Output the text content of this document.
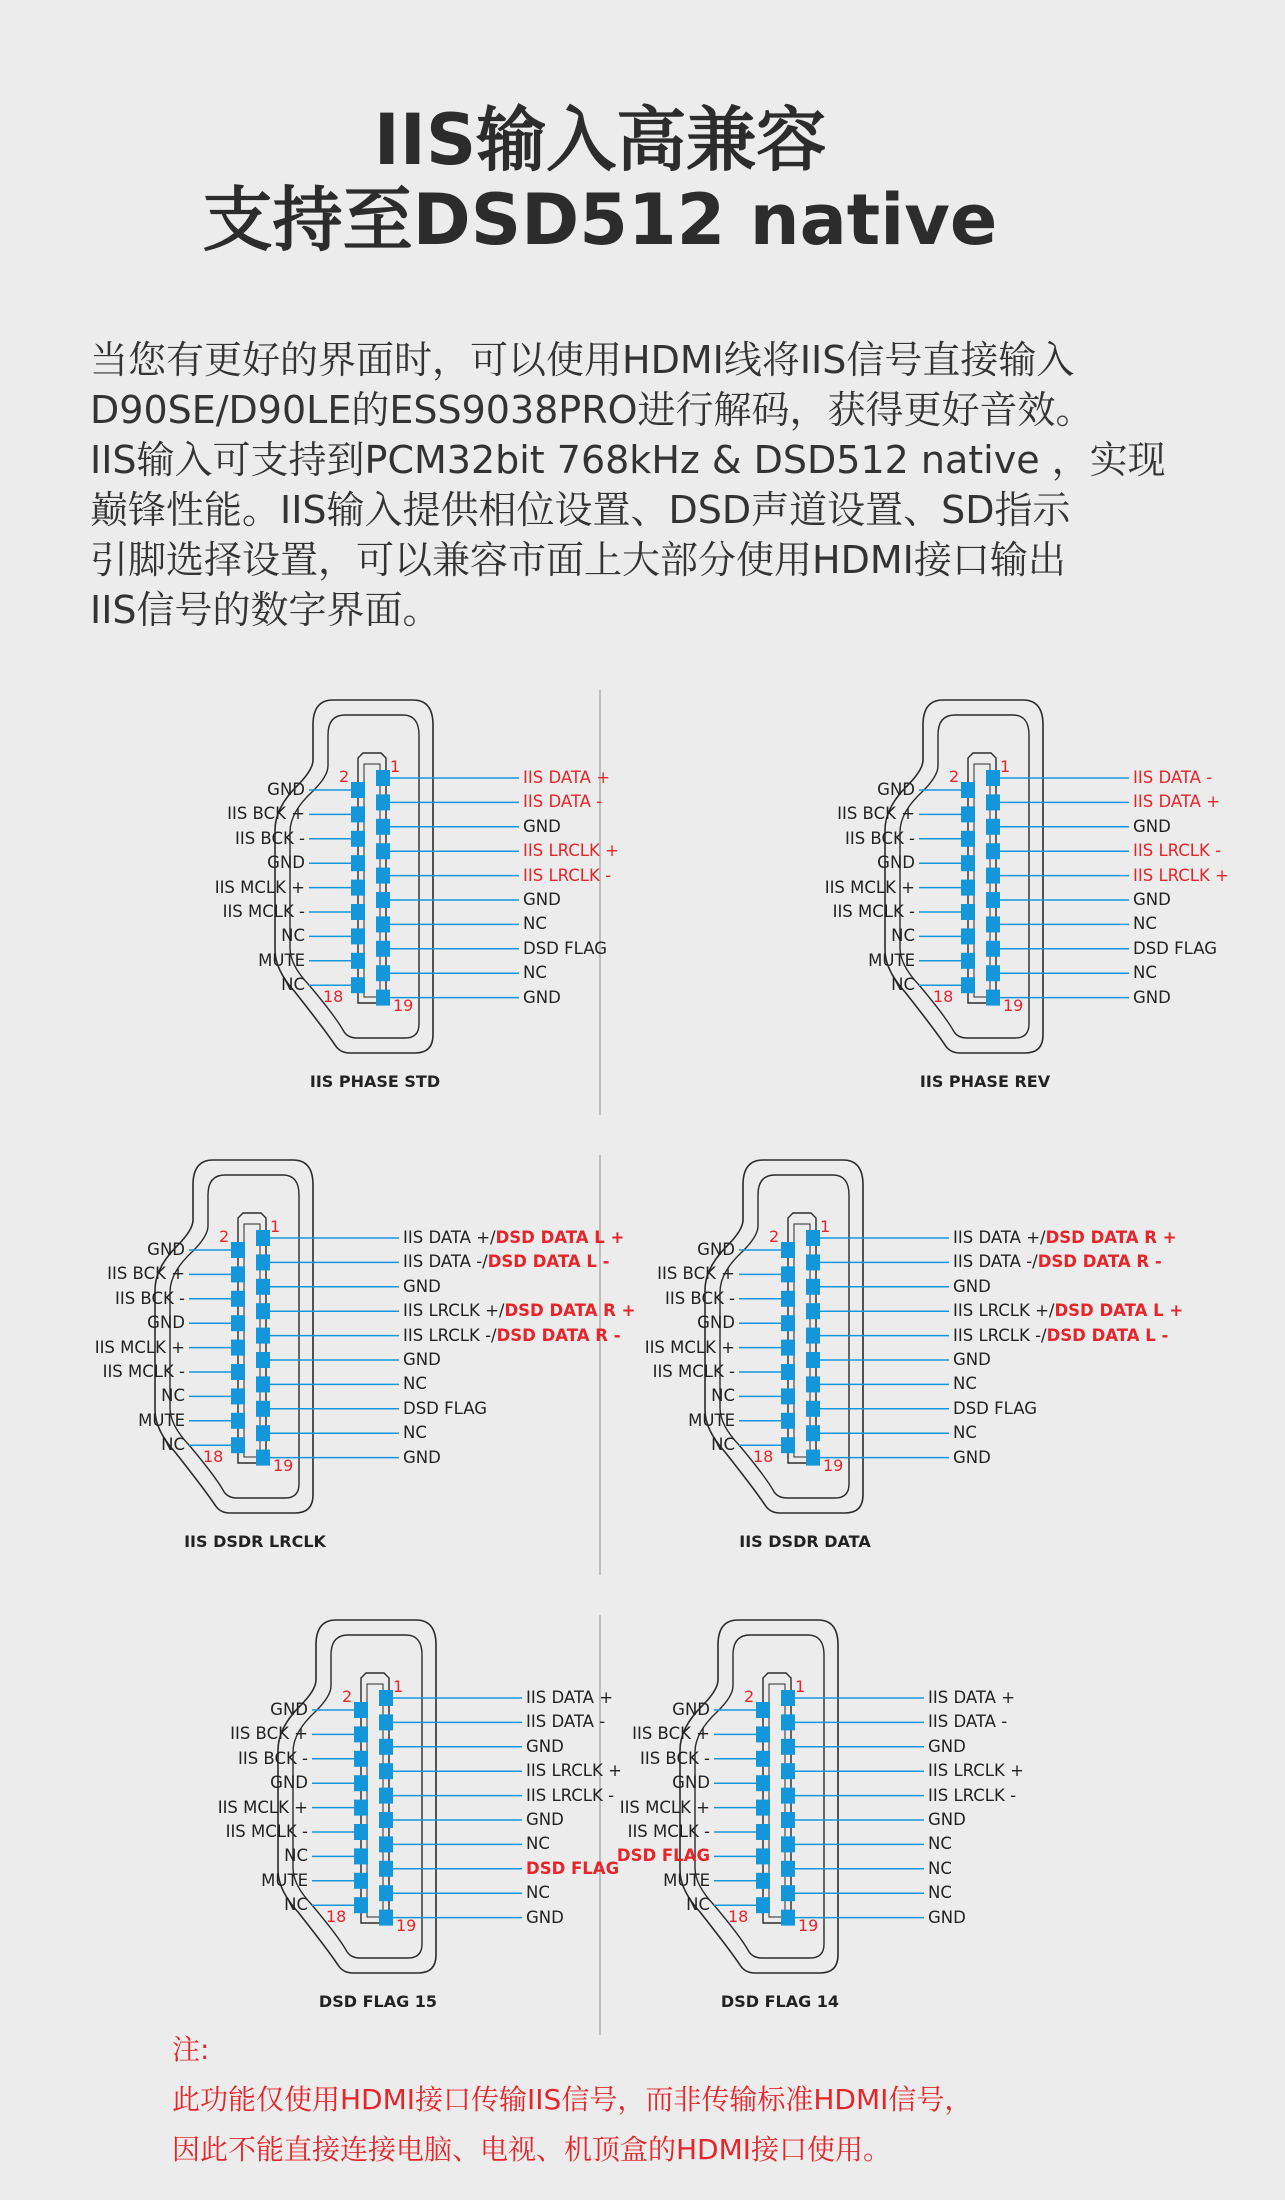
IIS输入高兼容
支持至DSD512 native
当您有更好的界面时，可以使用HDMI线将IIS信号直接输入
D90SE/D90LE的ESS9038PRO进行解码，获得更好音效。
IIS输入可支持到PCM32bit 768kHz & DSD512 native ，实现
巅锋性能。IIS输入提供相位设置、DSD声道设置、SD指示
引脚选择设置，可以兼容市面上大部分使用HDMI接口输出
IIS信号的数字界面。
1
2
18	19
IIS DATA +
IIS DATA -
GND
IIS LRCLK +
IIS LRCLK -
GND
NC
DSD FLAG
NC
GND
GND
IIS BCK +
IIS BCK -
GND
IIS MCLK +
IIS MCLK -
NC
MUTE
NC
IIS PHASE STD
1
2
18	19
IIS DATA -
IIS DATA +
GND
IIS LRCLK -
IIS LRCLK +
GND
NC
DSD FLAG
NC
GND
GND
IIS BCK +
IIS BCK -
GND
IIS MCLK +
IIS MCLK -
NC
MUTE
NC
IIS PHASE REV
1
2
18	19
IIS DATA +/DSD DATA L +
IIS DATA -/DSD DATA L -
GND
IIS LRCLK +/DSD DATA R +
IIS LRCLK -/DSD DATA R -
GND
NC
DSD FLAG
NC
GND
GND
IIS BCK +
IIS BCK -
GND
IIS MCLK +
IIS MCLK -
NC
MUTE
NC
IIS DSDR LRCLK
1
2
18	19
IIS DATA +/DSD DATA R +
IIS DATA -/DSD DATA R -
GND
IIS LRCLK +/DSD DATA L +
IIS LRCLK -/DSD DATA L -
GND
NC
DSD FLAG
NC
GND
GND
IIS BCK +
IIS BCK -
GND
IIS MCLK +
IIS MCLK -
NC
MUTE
NC
IIS DSDR DATA
1
2
18	19
IIS DATA +
IIS DATA -
GND
IIS LRCLK +
IIS LRCLK -
GND
NC
DSD FLAG
NC
GND
GND
IIS BCK +
IIS BCK -
GND
IIS MCLK +
IIS MCLK -
NC
MUTE
NC
DSD FLAG 15
1
2
18	19
IIS DATA +
IIS DATA -
GND
IIS LRCLK +
IIS LRCLK -
GND
NC
NC
NC
GND
GND
IIS BCK +
IIS BCK -
GND
IIS MCLK +
IIS MCLK -
DSD FLAG
MUTE
NC
DSD FLAG 14
注:
此功能仅使用HDMI接口传输IIS信号，而非传输标准HDMI信号，
因此不能直接连接电脑、电视、机顶盒的HDMI接口使用。
